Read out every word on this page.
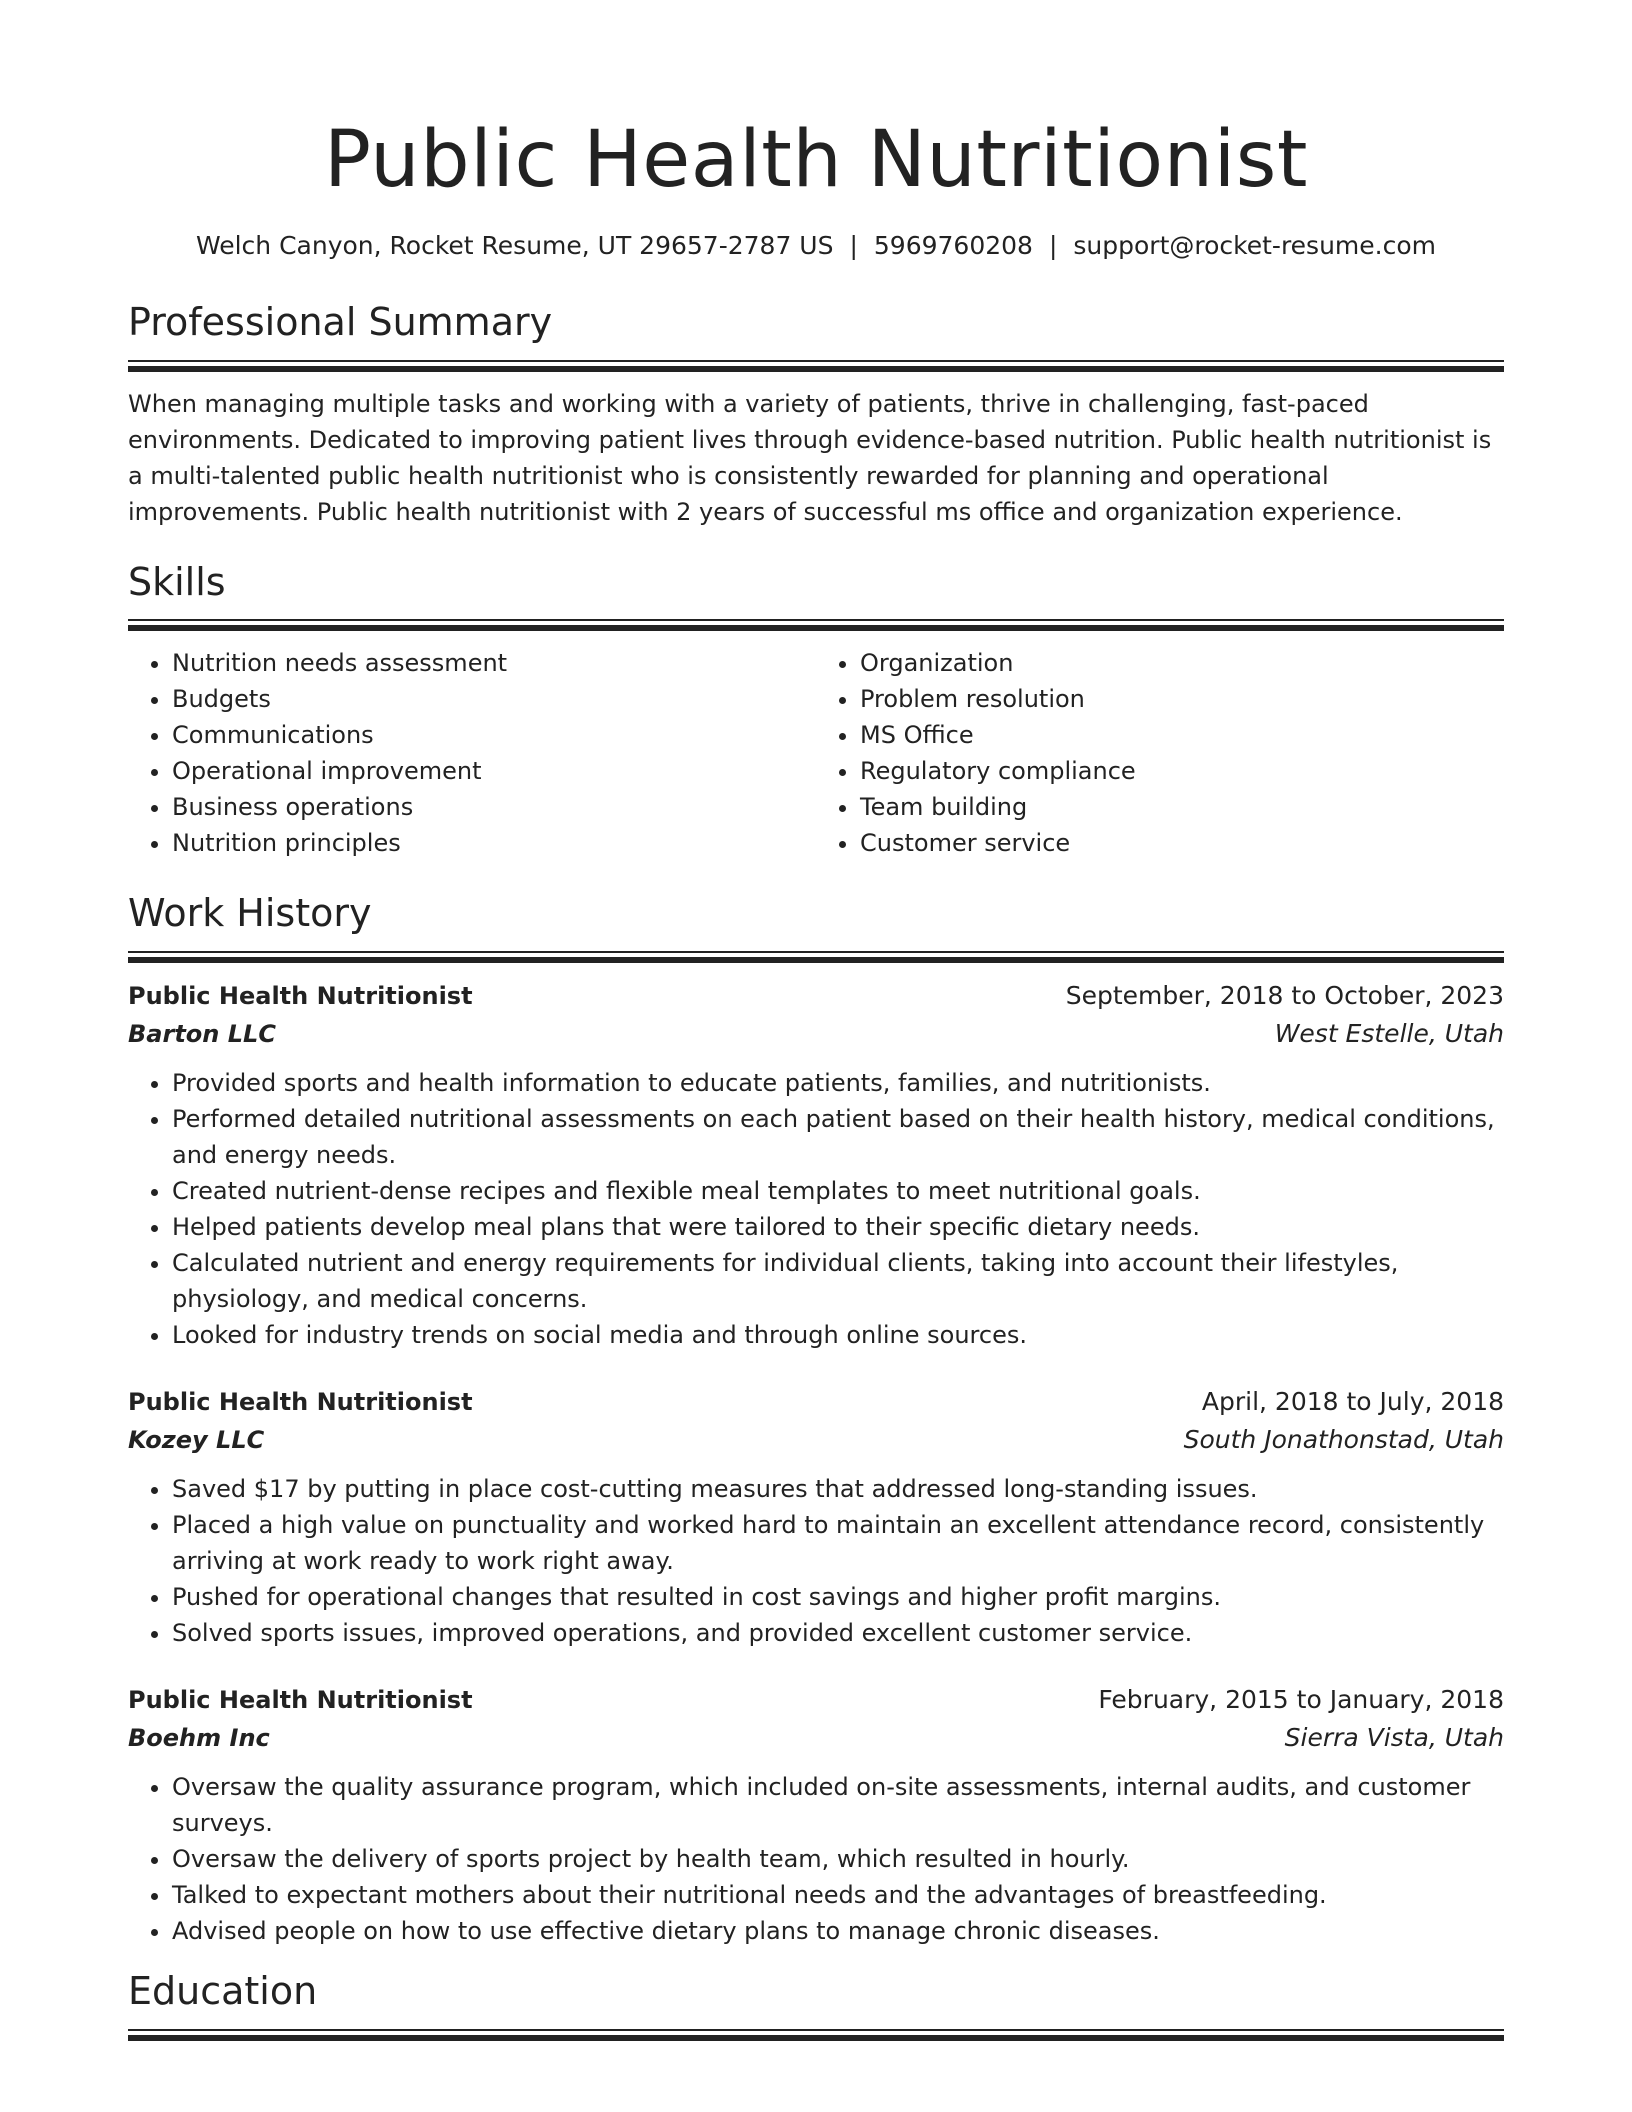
Public Health Nutritionist
Welch Canyon, Rocket Resume, UT 29657-2787 US | 5969760208 | support@rocket-resume.com
Professional Summary
When managing multiple tasks and working with a variety of patients, thrive in challenging, fast-paced environments. Dedicated to improving patient lives through evidence-based nutrition. Public health nutritionist is a multi-talented public health nutritionist who is consistently rewarded for planning and operational improvements. Public health nutritionist with 2 years of successful ms office and organization experience.
Skills
• Nutrition needs assessment
• Budgets
• Communications
• Operational improvement
• Business operations
• Nutrition principles
• Organization
• Problem resolution
• MS Office
• Regulatory compliance
• Team building
• Customer service
Work History
Public Health Nutritionist	September, 2018 to October, 2023
Barton LLC	West Estelle, Utah
• Provided sports and health information to educate patients, families, and nutritionists.
• Performed detailed nutritional assessments on each patient based on their health history, medical conditions, and energy needs.
• Created nutrient-dense recipes and flexible meal templates to meet nutritional goals.
• Helped patients develop meal plans that were tailored to their specific dietary needs.
• Calculated nutrient and energy requirements for individual clients, taking into account their lifestyles, physiology, and medical concerns.
• Looked for industry trends on social media and through online sources.
Public Health Nutritionist	April, 2018 to July, 2018
Kozey LLC	South Jonathonstad, Utah
• Saved $17 by putting in place cost-cutting measures that addressed long-standing issues.
• Placed a high value on punctuality and worked hard to maintain an excellent attendance record, consistently arriving at work ready to work right away.
• Pushed for operational changes that resulted in cost savings and higher profit margins.
• Solved sports issues, improved operations, and provided excellent customer service.
Public Health Nutritionist	February, 2015 to January, 2018
Boehm Inc	Sierra Vista, Utah
• Oversaw the quality assurance program, which included on-site assessments, internal audits, and customer surveys.
• Oversaw the delivery of sports project by health team, which resulted in hourly.
• Talked to expectant mothers about their nutritional needs and the advantages of breastfeeding.
• Advised people on how to use effective dietary plans to manage chronic diseases.
Education
